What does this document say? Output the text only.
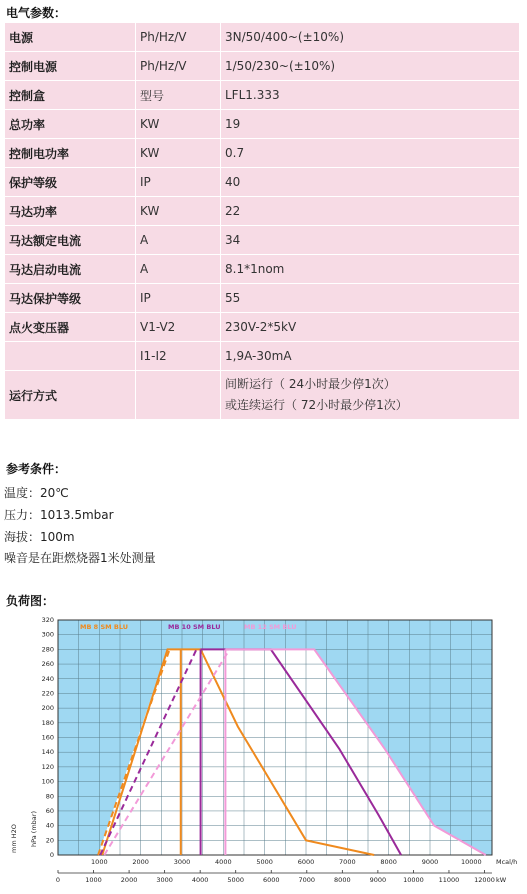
电气参数：
电源	Ph/Hz/V	3N/50/400~(±10%)
控制电源	Ph/Hz/V	1/50/230~(±10%)
控制盒	型号	LFL1.333
总功率	KW	19
控制电功率	KW	0.7
保护等级	IP	40
马达功率	KW	22
马达额定电流	A	34
马达启动电流	A	8.1*1nom
马达保护等级	IP	55
点火变压器	V1-V2	230V-2*5kV
	I1-I2	1,9A-30mA
运行方式		间断运行（ 24小时最少停1次）
或连续运行（ 72小时最少停1次）
参考条件：
温度：20℃
压力：1013.5mbar
海拔：100m
噪音是在距燃烧器1米处测量
负荷图：
0
20
40
60
80
100
120
140
160
180
200
220
240
260
280
300
320
hPa (mbar)
mm H2O
1000	2000	3000	4000	5000	6000	7000	8000	9000	10000 Mcal/h
0	1000	2000	3000	4000	5000	6000	7000	8000	9000	10000 11000 12000 kW
MB 8 SM BLU	MB 10 SM BLU	MB 12 SM BLU
